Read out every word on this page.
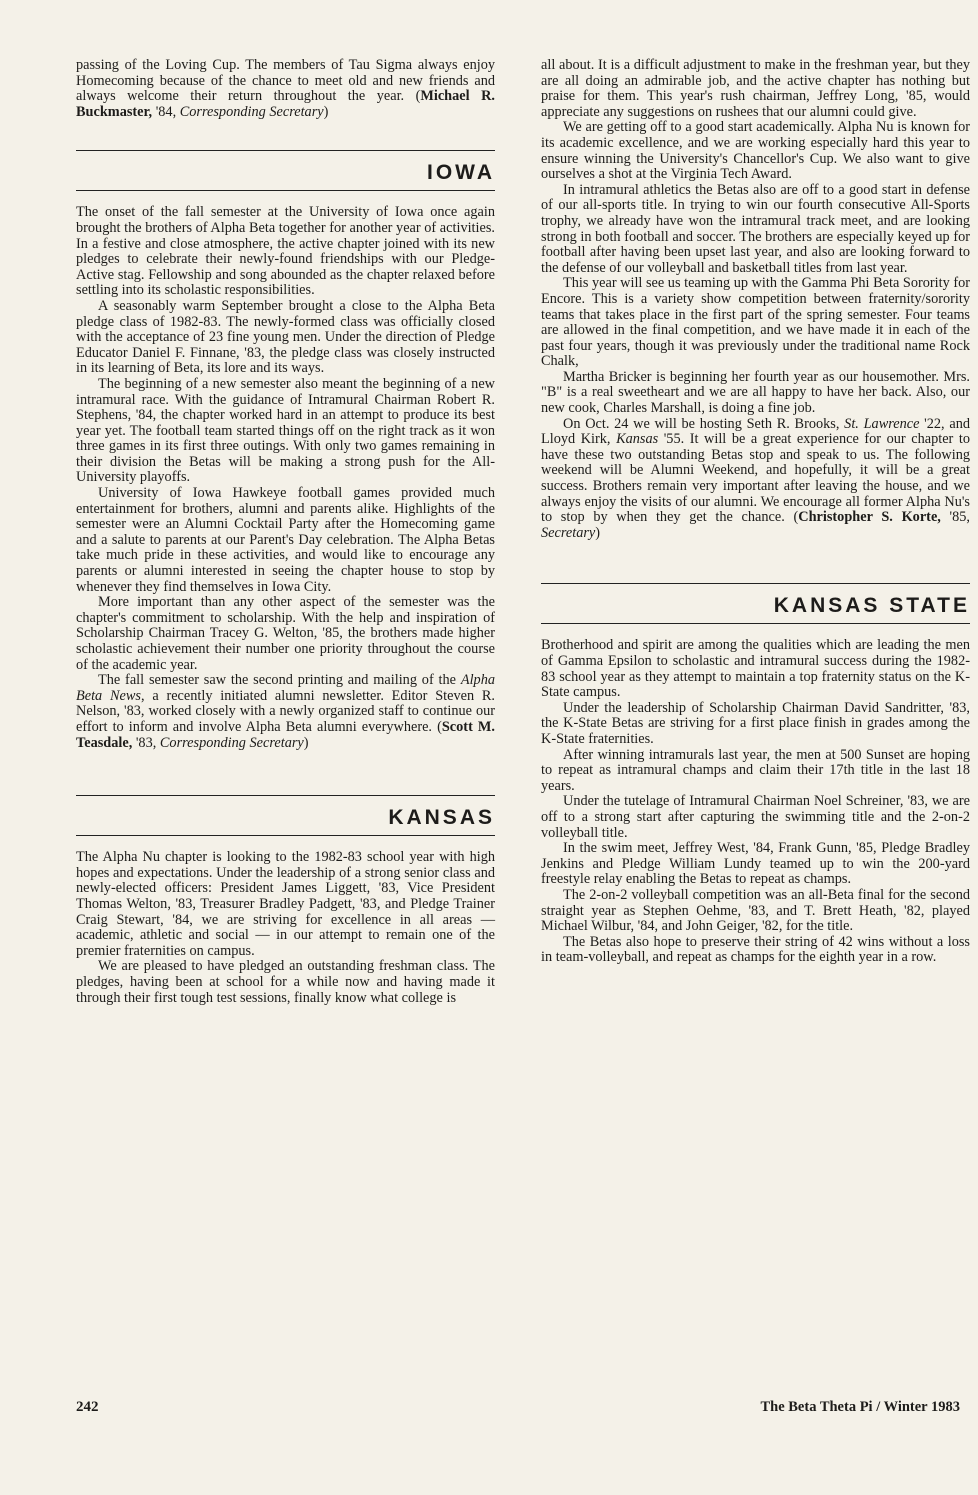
passing of the Loving Cup. The members of Tau Sigma always enjoy Homecoming because of the chance to meet old and new friends and always welcome their return throughout the year. (Michael R. Buckmaster, '84, Corresponding Secretary)

IOWA

The onset of the fall semester at the University of Iowa once again brought the brothers of Alpha Beta together for another year of activities. In a festive and close atmosphere, the active chapter joined with its new pledges to celebrate their newly-found friendships with our Pledge-Active stag. Fellowship and song abounded as the chapter relaxed before settling into its scholastic responsibilities.

A seasonably warm September brought a close to the Alpha Beta pledge class of 1982-83. The newly-formed class was officially closed with the acceptance of 23 fine young men. Under the direction of Pledge Educator Daniel F. Finnane, '83, the pledge class was closely instructed in its learning of Beta, its lore and its ways.

The beginning of a new semester also meant the beginning of a new intramural race. With the guidance of Intramural Chairman Robert R. Stephens, '84, the chapter worked hard in an attempt to produce its best year yet. The football team started things off on the right track as it won three games in its first three outings. With only two games remaining in their division the Betas will be making a strong push for the All-University playoffs.

University of Iowa Hawkeye football games provided much entertainment for brothers, alumni and parents alike. Highlights of the semester were an Alumni Cocktail Party after the Homecoming game and a salute to parents at our Parent's Day celebration. The Alpha Betas take much pride in these activities, and would like to encourage any parents or alumni interested in seeing the chapter house to stop by whenever they find themselves in Iowa City.

More important than any other aspect of the semester was the chapter's commitment to scholarship. With the help and inspiration of Scholarship Chairman Tracey G. Welton, '85, the brothers made higher scholastic achievement their number one priority throughout the course of the academic year.

The fall semester saw the second printing and mailing of the Alpha Beta News, a recently initiated alumni newsletter. Editor Steven R. Nelson, '83, worked closely with a newly organized staff to continue our effort to inform and involve Alpha Beta alumni everywhere. (Scott M. Teasdale, '83, Corresponding Secretary)

KANSAS

The Alpha Nu chapter is looking to the 1982-83 school year with high hopes and expectations. Under the leadership of a strong senior class and newly-elected officers: President James Liggett, '83, Vice President Thomas Welton, '83, Treasurer Bradley Padgett, '83, and Pledge Trainer Craig Stewart, '84, we are striving for excellence in all areas — academic, athletic and social — in our attempt to remain one of the premier fraternities on campus.

We are pleased to have pledged an outstanding freshman class. The pledges, having been at school for a while now and having made it through their first tough test sessions, finally know what college is

all about. It is a difficult adjustment to make in the freshman year, but they are all doing an admirable job, and the active chapter has nothing but praise for them. This year's rush chairman, Jeffrey Long, '85, would appreciate any suggestions on rushees that our alumni could give.

We are getting off to a good start academically. Alpha Nu is known for its academic excellence, and we are working especially hard this year to ensure winning the University's Chancellor's Cup. We also want to give ourselves a shot at the Virginia Tech Award.

In intramural athletics the Betas also are off to a good start in defense of our all-sports title. In trying to win our fourth consecutive All-Sports trophy, we already have won the intramural track meet, and are looking strong in both football and soccer. The brothers are especially keyed up for football after having been upset last year, and also are looking forward to the defense of our volleyball and basketball titles from last year.

This year will see us teaming up with the Gamma Phi Beta Sorority for Encore. This is a variety show competition between fraternity/sorority teams that takes place in the first part of the spring semester. Four teams are allowed in the final competition, and we have made it in each of the past four years, though it was previously under the traditional name Rock Chalk,

Martha Bricker is beginning her fourth year as our housemother. Mrs. "B" is a real sweetheart and we are all happy to have her back. Also, our new cook, Charles Marshall, is doing a fine job.

On Oct. 24 we will be hosting Seth R. Brooks, St. Lawrence '22, and Lloyd Kirk, Kansas '55. It will be a great experience for our chapter to have these two outstanding Betas stop and speak to us. The following weekend will be Alumni Weekend, and hopefully, it will be a great success. Brothers remain very important after leaving the house, and we always enjoy the visits of our alumni. We encourage all former Alpha Nu's to stop by when they get the chance. (Christopher S. Korte, '85, Secretary)

KANSAS STATE

Brotherhood and spirit are among the qualities which are leading the men of Gamma Epsilon to scholastic and intramural success during the 1982-83 school year as they attempt to maintain a top fraternity status on the K-State campus.

Under the leadership of Scholarship Chairman David Sandritter, '83, the K-State Betas are striving for a first place finish in grades among the K-State fraternities.

After winning intramurals last year, the men at 500 Sunset are hoping to repeat as intramural champs and claim their 17th title in the last 18 years.

Under the tutelage of Intramural Chairman Noel Schreiner, '83, we are off to a strong start after capturing the swimming title and the 2-on-2 volleyball title.

In the swim meet, Jeffrey West, '84, Frank Gunn, '85, Pledge Bradley Jenkins and Pledge William Lundy teamed up to win the 200-yard freestyle relay enabling the Betas to repeat as champs.

The 2-on-2 volleyball competition was an all-Beta final for the second straight year as Stephen Oehme, '83, and T. Brett Heath, '82, played Michael Wilbur, '84, and John Geiger, '82, for the title.

The Betas also hope to preserve their string of 42 wins without a loss in team-volleyball, and repeat as champs for the eighth year in a row.

242	The Beta Theta Pi / Winter 1983
